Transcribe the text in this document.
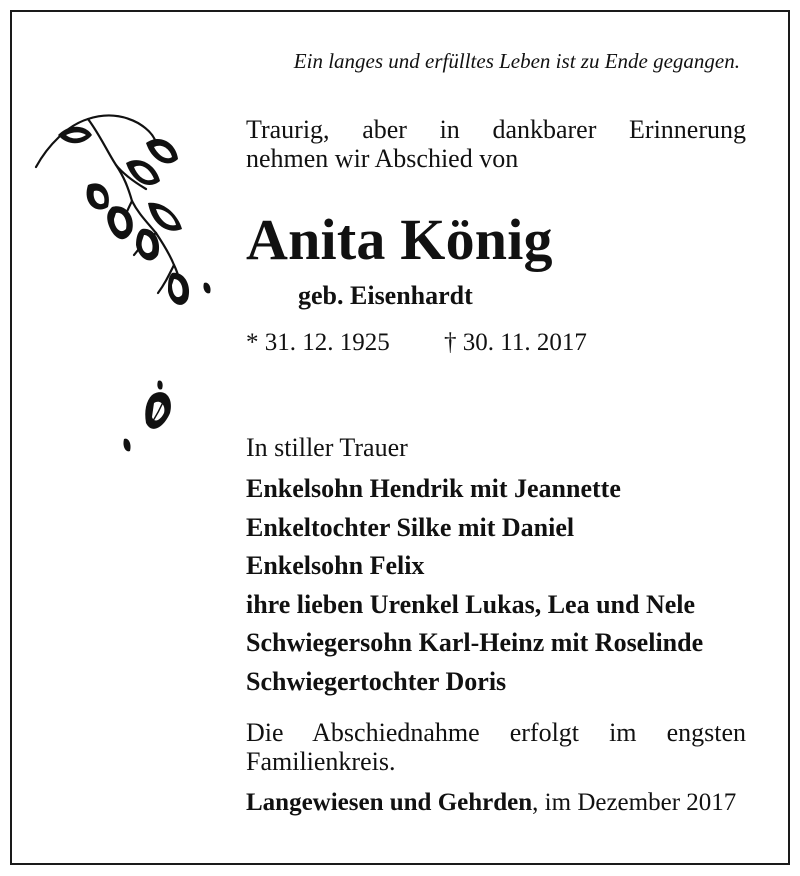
Ein langes und erfülltes Leben ist zu Ende gegangen.
Traurig, aber in dankbarer Erinnerung
nehmen wir Abschied von
Anita König
geb. Eisenhardt
* 31. 12. 1925 † 30. 11. 2017
In stiller Trauer
Enkelsohn Hendrik mit Jeannette
Enkeltochter Silke mit Daniel
Enkelsohn Felix
ihre lieben Urenkel Lukas, Lea und Nele
Schwiegersohn Karl-Heinz mit Roselinde
Schwiegertochter Doris
Die Abschiednahme erfolgt im engsten
Familienkreis.
Langewiesen und Gehrden, im Dezember 2017
